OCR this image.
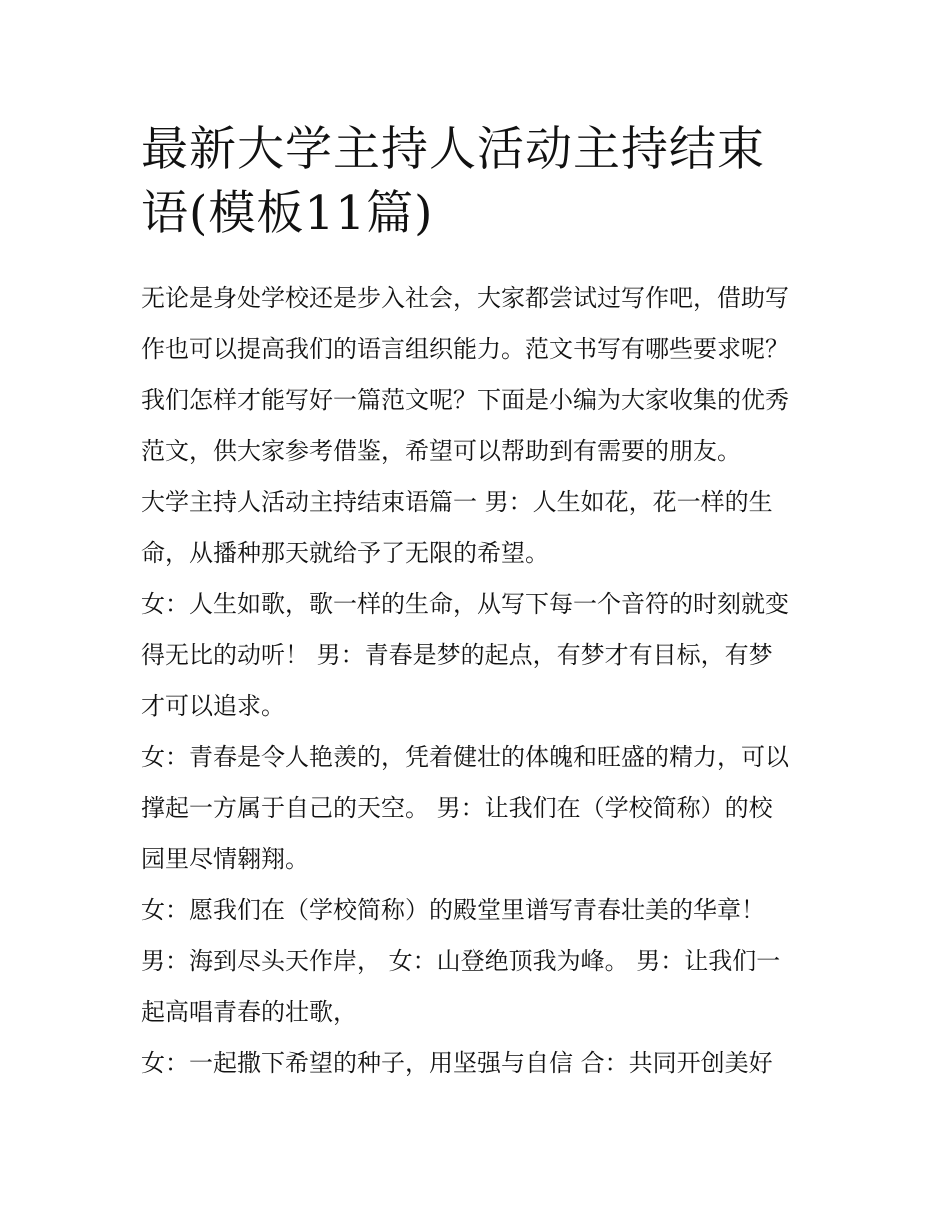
最新大学主持人活动主持结束
语(模板11篇)
无论是身处学校还是步入社会，大家都尝试过写作吧，借助写
作也可以提高我们的语言组织能力。范文书写有哪些要求呢？
我们怎样才能写好一篇范文呢？下面是小编为大家收集的优秀
范文，供大家参考借鉴，希望可以帮助到有需要的朋友。
大学主持人活动主持结束语篇一 男：人生如花，花一样的生
命，从播种那天就给予了无限的希望。
女：人生如歌，歌一样的生命，从写下每一个音符的时刻就变
得无比的动听！ 男：青春是梦的起点，有梦才有目标，有梦
才可以追求。
女：青春是令人艳羡的，凭着健壮的体魄和旺盛的精力，可以
撑起一方属于自己的天空。 男：让我们在（学校简称）的校
园里尽情翱翔。
女：愿我们在（学校简称）的殿堂里谱写青春壮美的华章！
男：海到尽头天作岸， 女：山登绝顶我为峰。 男：让我们一
起高唱青春的壮歌，
女：一起撒下希望的种子，用坚强与自信 合：共同开创美好
